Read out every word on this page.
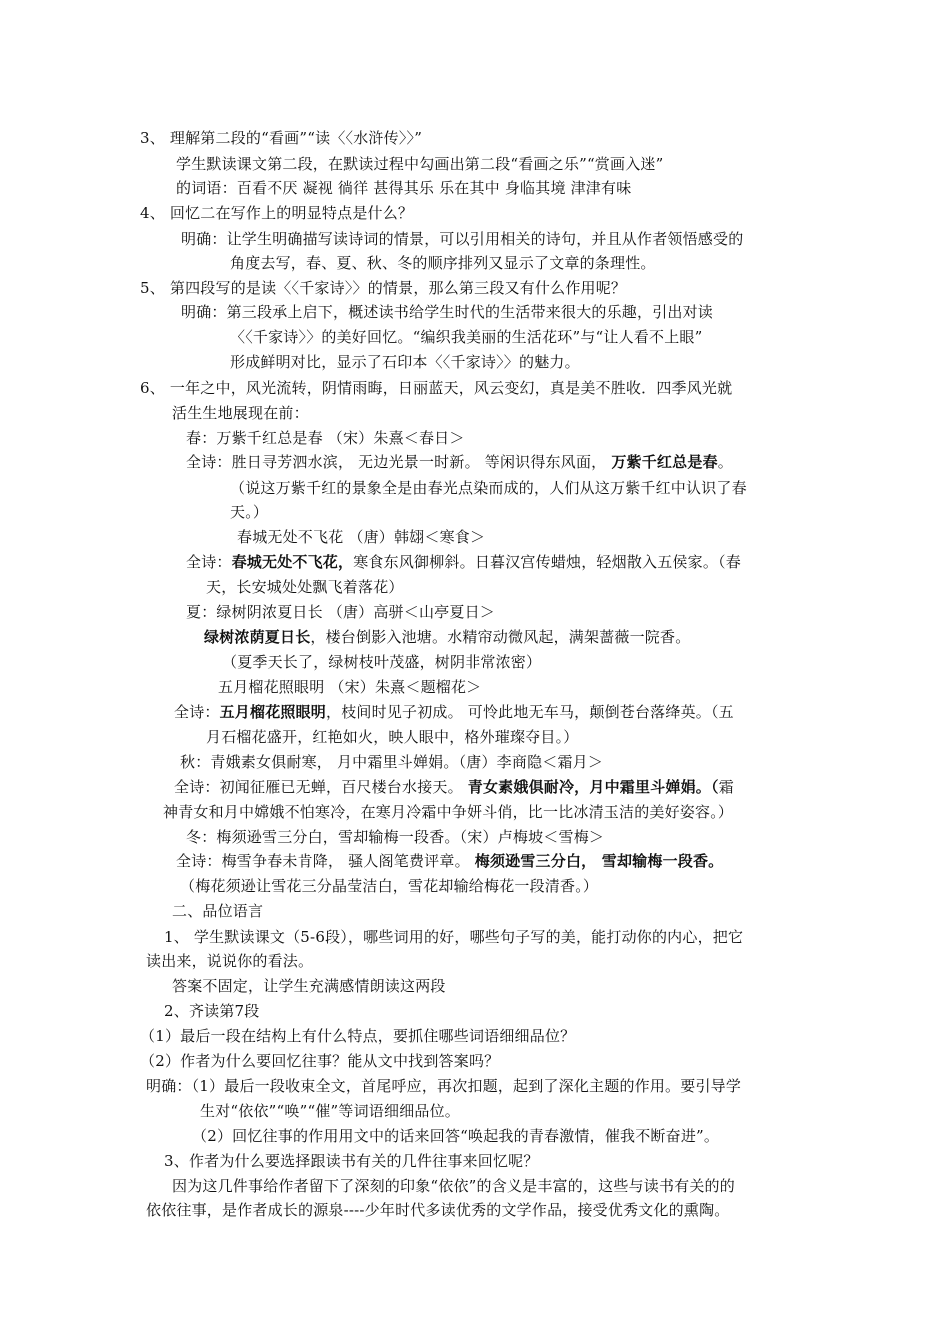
3、 理解第二段的“看画”“读〈〈水浒传〉〉”
学生默读课文第二段，在默读过程中勾画出第二段“看画之乐”“赏画入迷”
的词语：百看不厌 凝视 徜徉 甚得其乐 乐在其中 身临其境 津津有味
4、 回忆二在写作上的明显特点是什么？
明确：让学生明确描写读诗词的情景，可以引用相关的诗句，并且从作者领悟感受的
角度去写，春、夏、秋、冬的顺序排列又显示了文章的条理性。
5、 第四段写的是读〈〈千家诗〉〉的情景，那么第三段又有什么作用呢？
明确：第三段承上启下，概述读书给学生时代的生活带来很大的乐趣，引出对读
〈〈千家诗〉〉的美好回忆。“编织我美丽的生活花环”与“让人看不上眼”
形成鲜明对比，显示了石印本〈〈千家诗〉〉的魅力。
6、 一年之中，风光流转，阴情雨晦，日丽蓝天，风云变幻，真是美不胜收．四季风光就
活生生地展现在前：
春：万紫千红总是春 （宋）朱熹＜春日＞
全诗：胜日寻芳泗水滨， 无边光景一时新。 等闲识得东风面， 万紫千红总是春。
（说这万紫千红的景象全是由春光点染而成的，人们从这万紫千红中认识了春
天。）
春城无处不飞花 （唐）韩翃＜寒食＞
全诗：春城无处不飞花，寒食东风御柳斜。日暮汉宫传蜡烛，轻烟散入五侯家。（春
天，长安城处处飘飞着落花）
夏：绿树阴浓夏日长 （唐）高骈＜山亭夏日＞
绿树浓荫夏日长，楼台倒影入池塘。水精帘动微风起，满架蔷薇一院香。
（夏季天长了，绿树枝叶茂盛，树阴非常浓密）
五月榴花照眼明 （宋）朱熹＜题榴花＞
全诗：五月榴花照眼明，枝间时见子初成。 可怜此地无车马，颠倒苍台落绛英。（五
月石榴花盛开，红艳如火，映人眼中，格外璀璨夺目。）
秋：青娥素女俱耐寒， 月中霜里斗婵娟。（唐）李商隐＜霜月＞
全诗：初闻征雁已无蝉，百尺楼台水接天。 青女素娥俱耐冷，月中霜里斗婵娟。（霜
神青女和月中嫦娥不怕寒冷，在寒月冷霜中争妍斗俏，比一比冰清玉洁的美好姿容。）
冬：梅须逊雪三分白，雪却输梅一段香。（宋）卢梅坡＜雪梅＞
全诗：梅雪争春未肯降， 骚人阁笔费评章。 梅须逊雪三分白， 雪却输梅一段香。
（梅花须逊让雪花三分晶莹洁白，雪花却输给梅花一段清香。）
二、品位语言
1、 学生默读课文（5-6段），哪些词用的好，哪些句子写的美，能打动你的内心，把它
读出来，说说你的看法。
答案不固定，让学生充满感情朗读这两段
2、齐读第7段
（1）最后一段在结构上有什么特点，要抓住哪些词语细细品位？
（2）作者为什么要回忆往事？能从文中找到答案吗？
明确：（1）最后一段收束全文，首尾呼应，再次扣题，起到了深化主题的作用。要引导学
生对“依依”“唤”“催”等词语细细品位。
（2）回忆往事的作用用文中的话来回答“唤起我的青春激情，催我不断奋进”。
3、作者为什么要选择跟读书有关的几件往事来回忆呢？
因为这几件事给作者留下了深刻的印象“依依”的含义是丰富的，这些与读书有关的的
依依往事，是作者成长的源泉----少年时代多读优秀的文学作品，接受优秀文化的熏陶。
